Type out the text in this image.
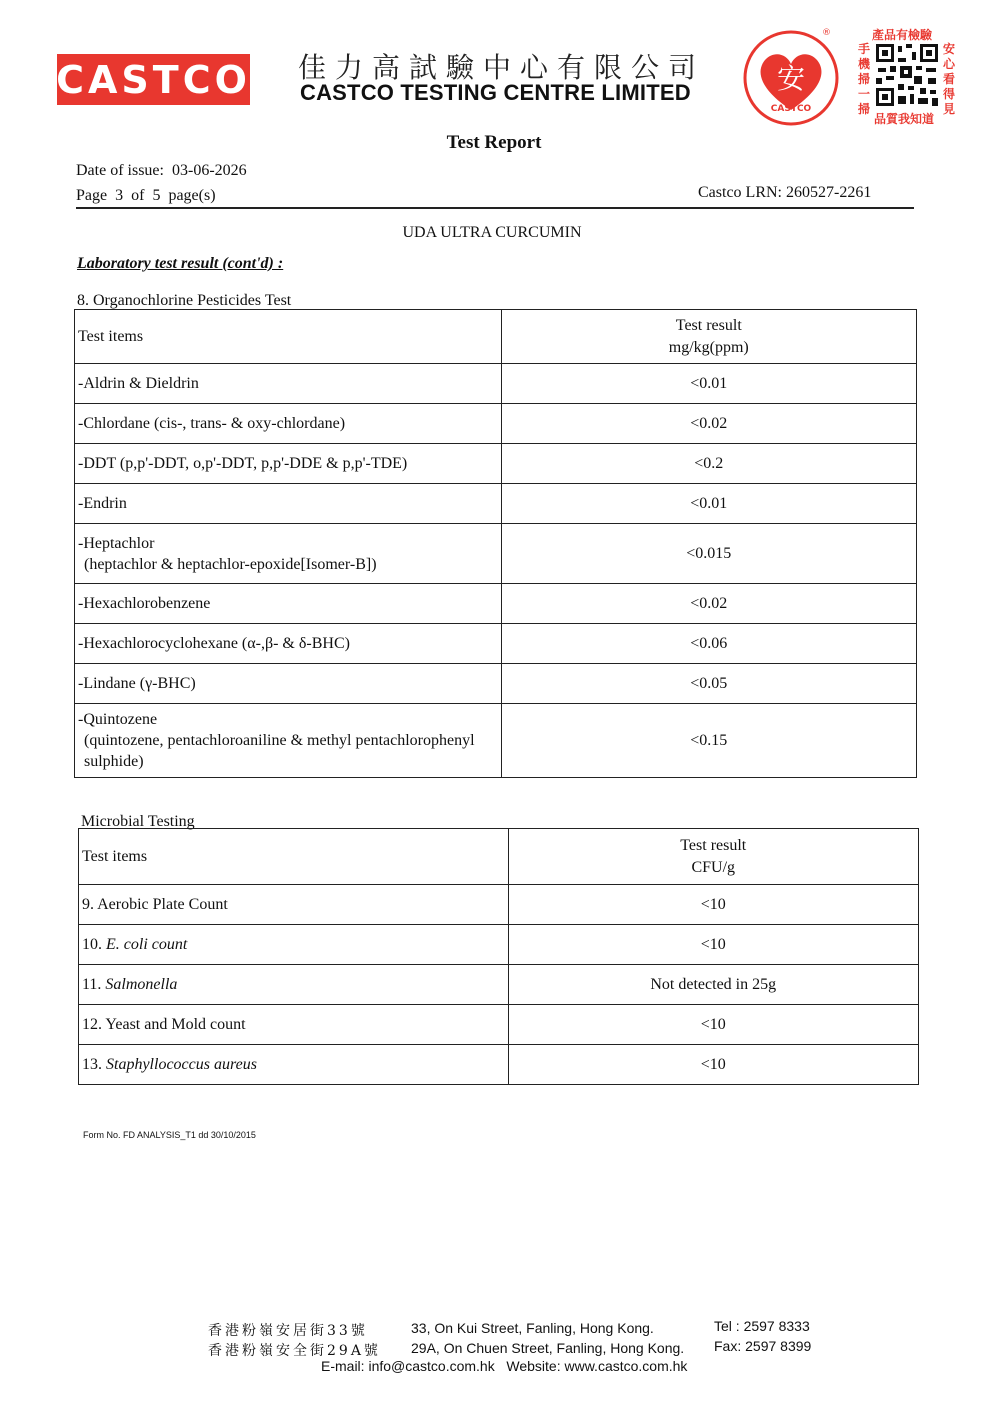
CASTCO 佳力高試驗中心有限公司
CASTCO TESTING CENTRE LIMITED	安
CASTCO
®	產品有檢驗
手機掃一掃
安心看得見
品質我知道
Test Report
Date of issue: 03-06-2026
Page 3 of 5 page(s)	Castco LRN: 260527-2261
UDA ULTRA CURCUMIN
Laboratory test result (cont'd) :
8. Organochlorine Pesticides Test
Test items	Test result
mg/kg(ppm)

-Aldrin & Dieldrin	<0.01
-Chlordane (cis-, trans- & oxy-chlordane)	<0.02
-DDT (p,p'-DDT, o,p'-DDT, p,p'-DDE & p,p'-TDE)	<0.2
-Endrin	<0.01

-Heptachlor
(heptachlor & heptachlor-epoxide[Isomer-B])	<0.015
-Hexachlorobenzene	<0.02
-Hexachlorocyclohexane (α-,β- & δ-BHC)	<0.06
-Lindane (γ-BHC)	<0.05

-Quintozene
(quintozene, pentachloroaniline & methyl pentachlorophenyl
sulphide)	<0.15
Microbial Testing
Test items	Test result
CFU/g

9. Aerobic Plate Count	<10
10. E. coli count	<10
11. Salmonella	Not detected in 25g
12. Yeast and Mold count	<10
13. Staphyllococcus aureus	<10
Form No. FD ANALYSIS_T1 dd 30/10/2015
香港粉嶺安居街33號	33, On Kui Street, Fanling, Hong Kong.	Tel : 2597 8333
香港粉嶺安全街29A號 29A, On Chuen Street, Fanling, Hong Kong. Fax: 2597 8399
E-mail: info@castco.com.hk Website: www.castco.com.hk
